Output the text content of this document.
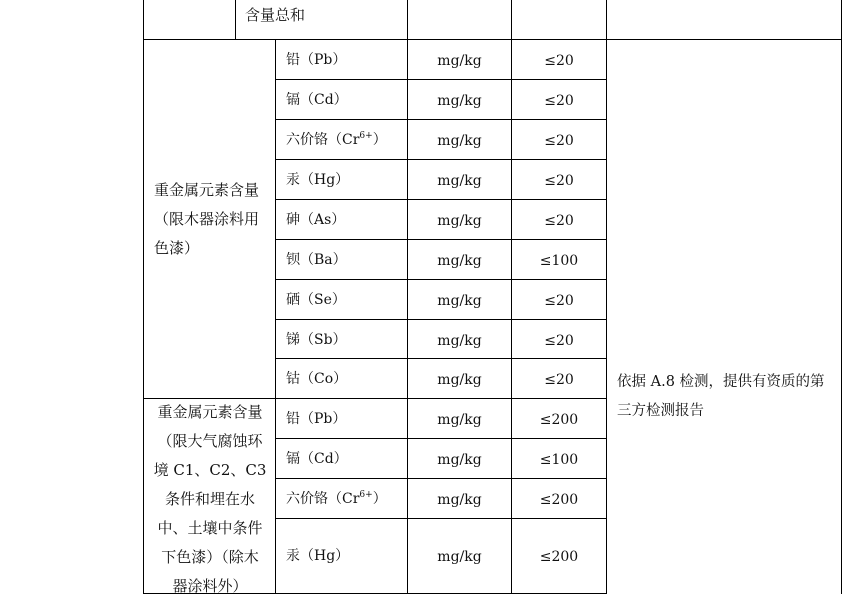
含量总和
重金属元素含量
（限木器涂料用
色漆）
铅（Pb）	mg/kg	≤20
镉（Cd）	mg/kg	≤20
六价铬$(Cr^{6+})$	mg/kg	≤20
汞（Hg）	mg/kg	≤20
砷（As）	mg/kg	≤20
钡（Ba）	mg/kg	≤100
硒（Se）	mg/kg	≤20
锑（Sb）	mg/kg	≤20
钴（Co）	mg/kg	≤20
重金属元素含量
（限大气腐蚀环
境 C1、C2、C3
条件和埋在水
中、土壤中条件
下色漆）（除木
器涂料外）
铅（Pb）	mg/kg	≤200
镉（Cd）	mg/kg	≤100
六价铬$(Cr^{6+})$	mg/kg	≤200
汞（Hg）	mg/kg	≤200
依据 A.8 检测，提供有资质的第
三方检测报告
